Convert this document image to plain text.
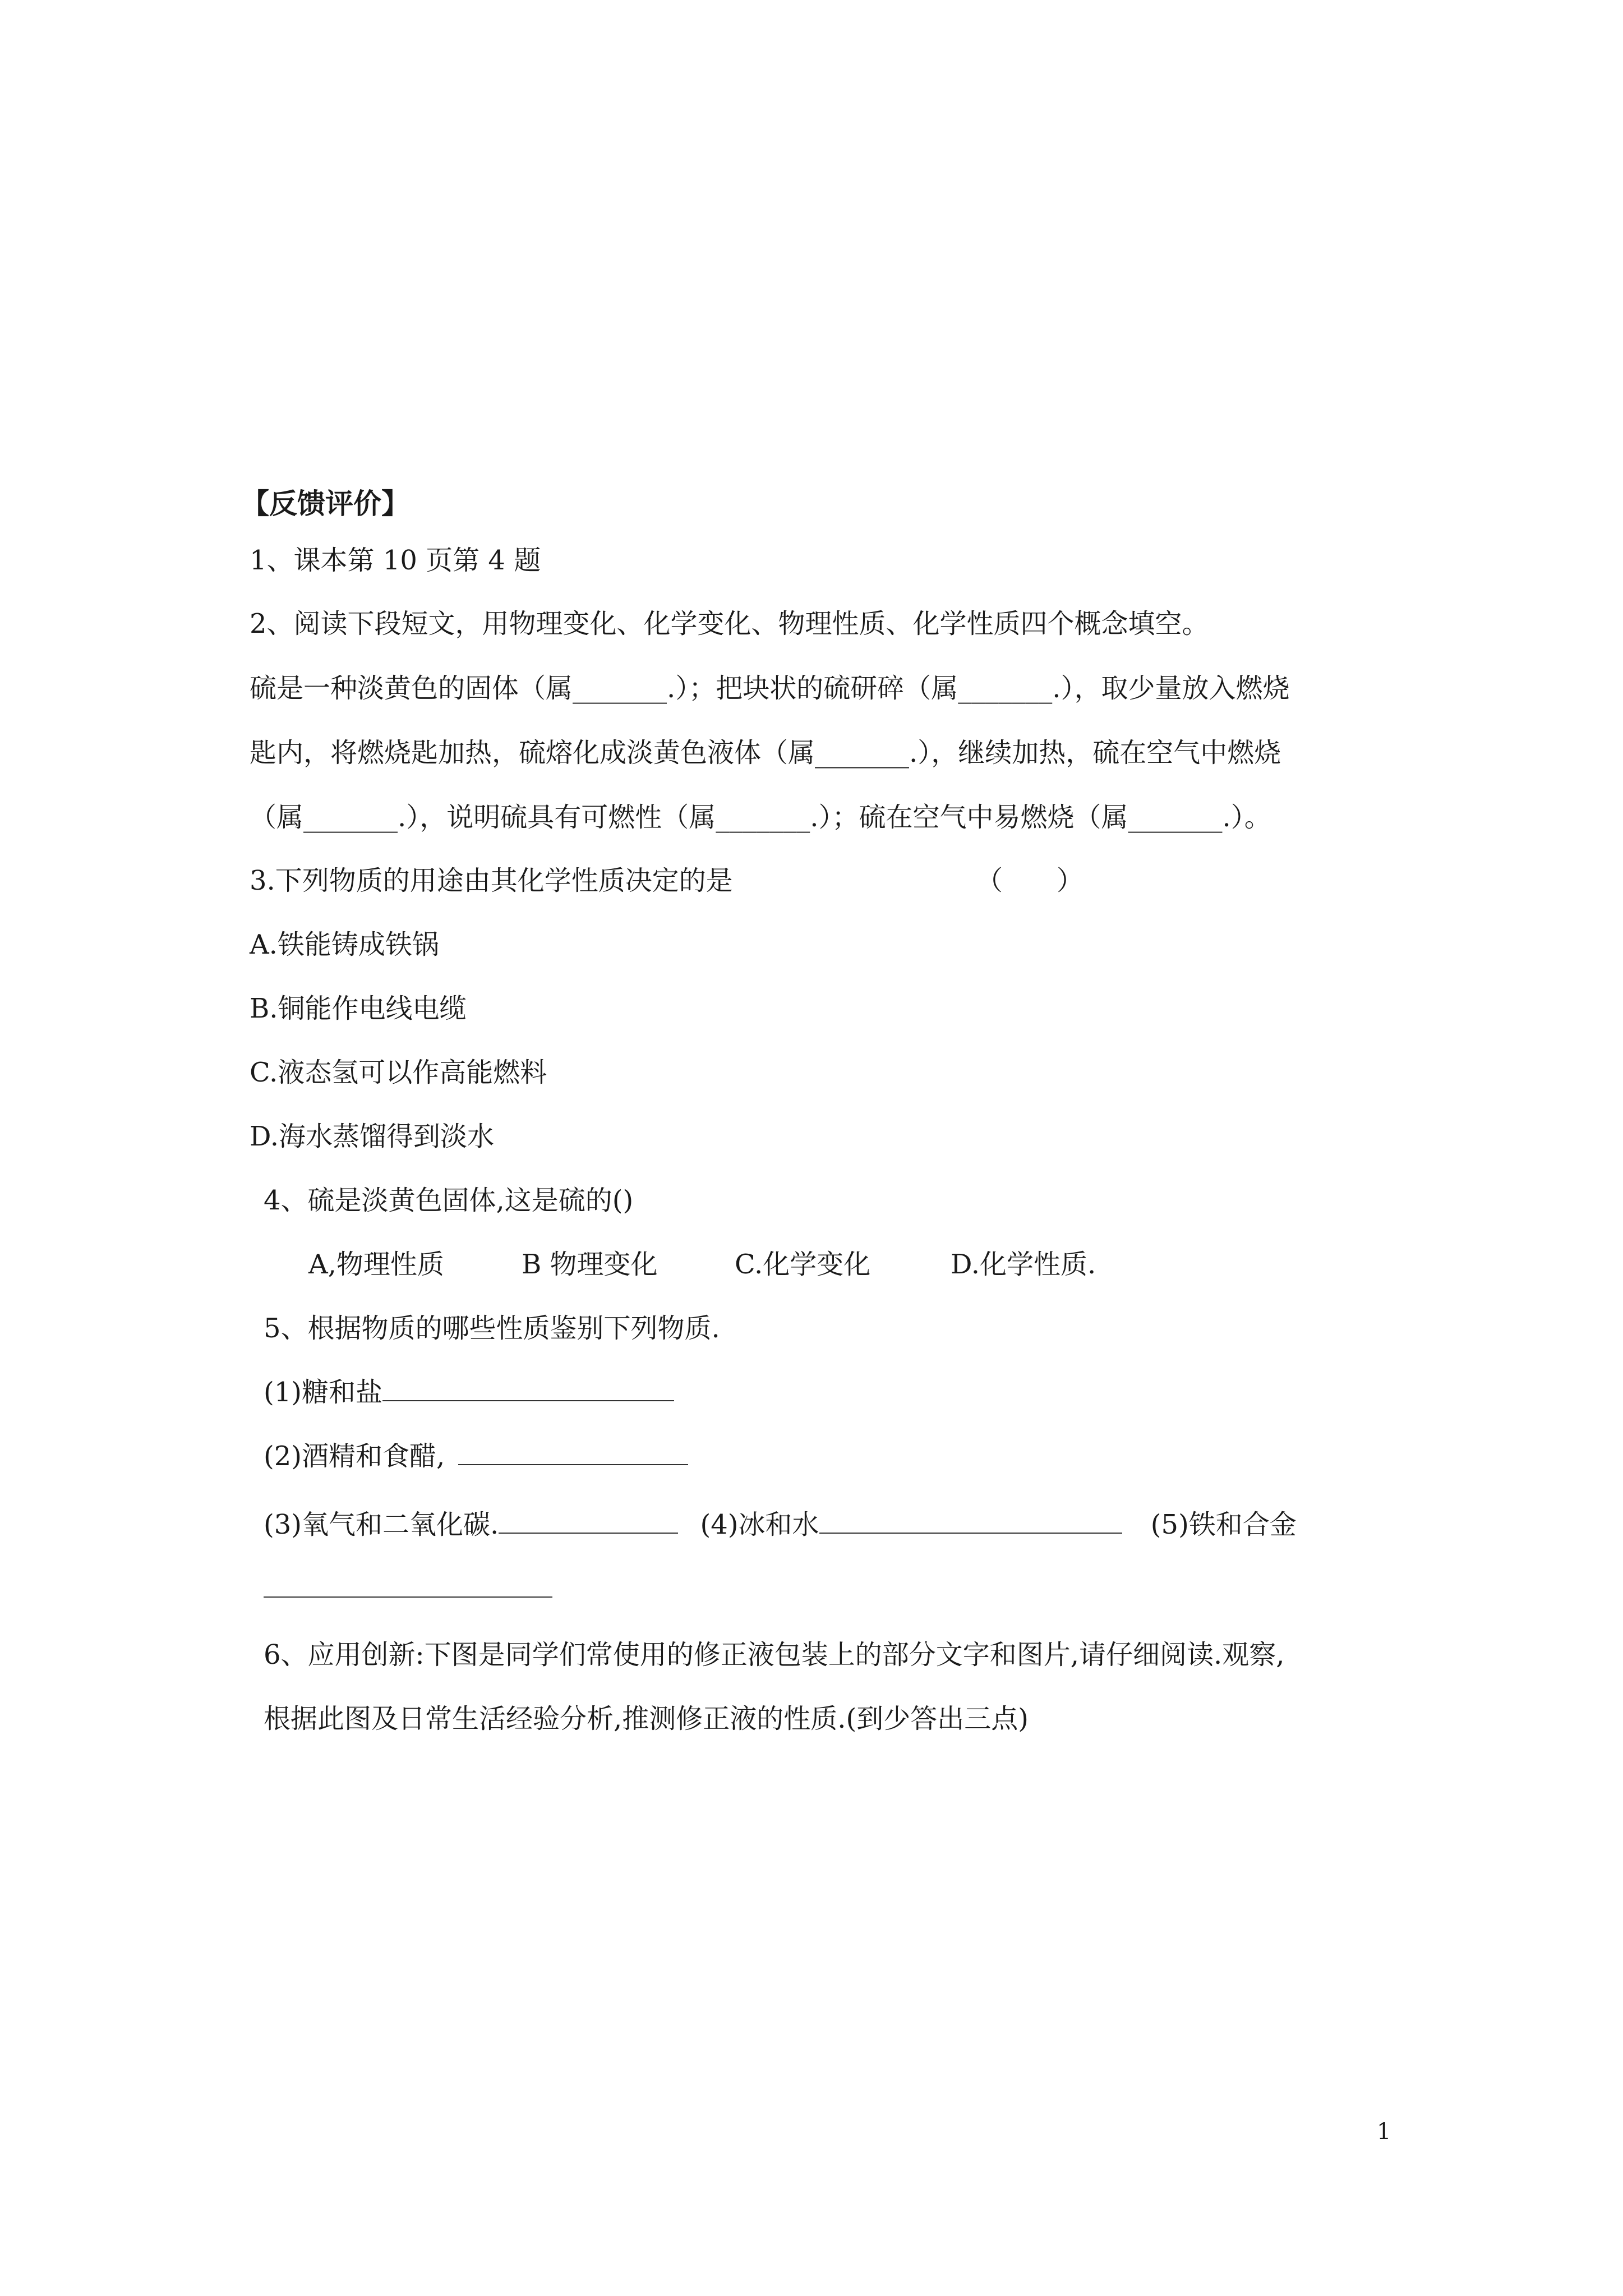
【反馈评价】
1、课本第 10 页第 4 题
2、阅读下段短文，用物理变化、化学变化、物理性质、化学性质四个概念填空。
硫是一种淡黄色的固体（属_______.）；把块状的硫研碎（属_______.），取少量放入燃烧
匙内，将燃烧匙加热，硫熔化成淡黄色液体（属_______.），继续加热，硫在空气中燃烧
（属_______.），说明硫具有可燃性（属_______.）；硫在空气中易燃烧（属_______.）。
3.下列物质的用途由其化学性质决定的是	（　　）
A.铁能铸成铁锅
B.铜能作电线电缆
C.液态氢可以作高能燃料
D.海水蒸馏得到淡水
4、硫是淡黄色固体,这是硫的()
A,物理性质	B 物理变化	C.化学变化	D.化学性质.
5、根据物质的哪些性质鉴别下列物质.
(1)糖和盐
(2)酒精和食醋,
(3)氧气和二氧化碳.	(4)冰和水	(5)铁和合金
6、应用创新:下图是同学们常使用的修正液包装上的部分文字和图片,请仔细阅读.观察,
根据此图及日常生活经验分析,推测修正液的性质.(到少答出三点)
1
